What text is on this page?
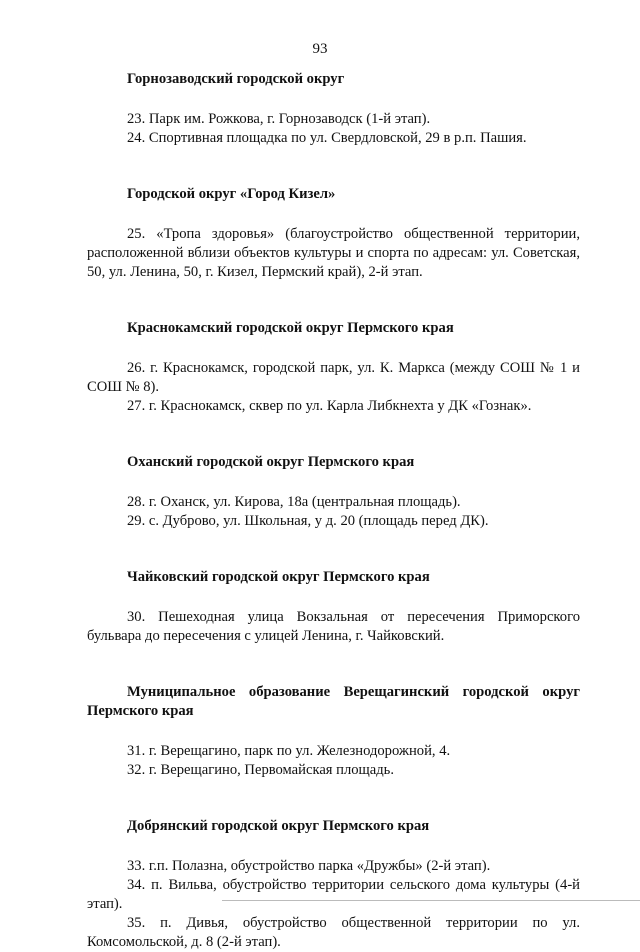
93
Горнозаводский городской округ
23. Парк им. Рожкова, г. Горнозаводск (1-й этап).
24. Спортивная площадка по ул. Свердловской, 29 в р.п. Пашия.
Городской округ «Город Кизел»
25. «Тропа здоровья» (благоустройство общественной территории, расположенной вблизи объектов культуры и спорта по адресам: ул. Советская, 50, ул. Ленина, 50, г. Кизел, Пермский край), 2-й этап.
Краснокамский городской округ Пермского края
26. г. Краснокамск, городской парк, ул. К. Маркса (между СОШ № 1 и СОШ № 8).
27. г. Краснокамск, сквер по ул. Карла Либкнехта у ДК «Гознак».
Оханский городской округ Пермского края
28. г. Оханск, ул. Кирова, 18а (центральная площадь).
29. с. Дуброво, ул. Школьная, у д. 20 (площадь перед ДК).
Чайковский городской округ Пермского края
30. Пешеходная улица Вокзальная от пересечения Приморского бульвара до пересечения с улицей Ленина, г. Чайковский.
Муниципальное образование Верещагинский городской округ Пермского края
31. г. Верещагино, парк по ул. Железнодорожной, 4.
32. г. Верещагино, Первомайская площадь.
Добрянский городской округ Пермского края
33. г.п. Полазна, обустройство парка «Дружбы» (2-й этап).
34. п. Вильва, обустройство территории сельского дома культуры (4-й этап).
35. п. Дивья, обустройство общественной территории по ул. Комсомольской, д. 8 (2-й этап).
